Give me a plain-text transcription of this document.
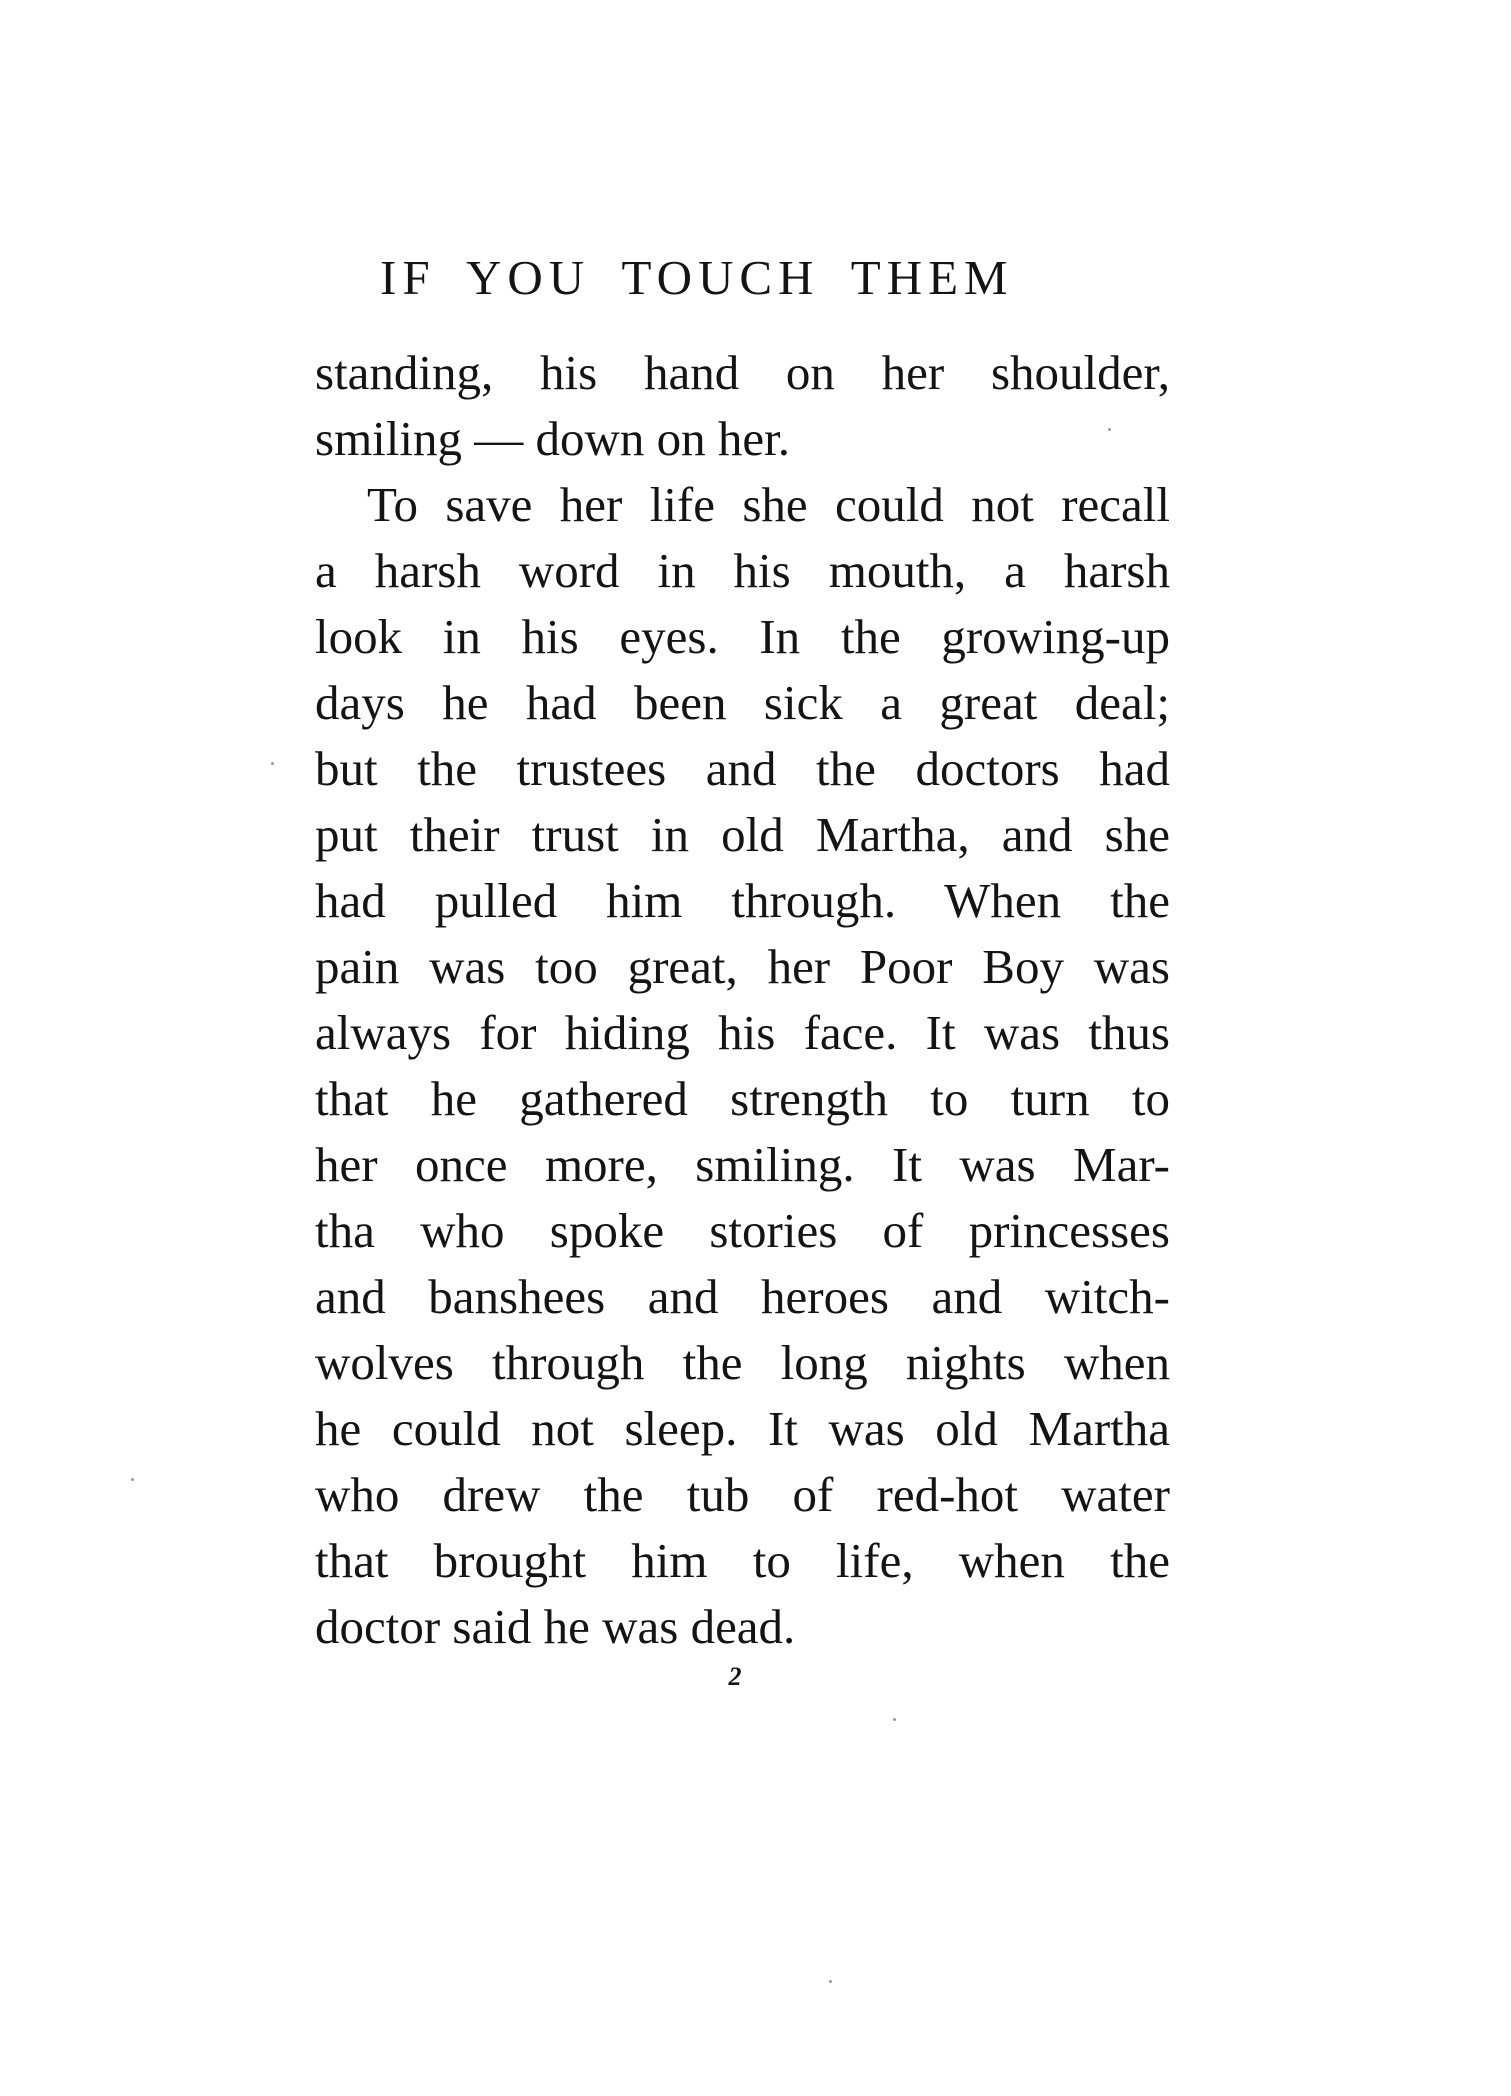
IF YOU TOUCH THEM
standing, his hand on her shoulder,
smiling — down on her.
To save her life she could not recall
a harsh word in his mouth, a harsh
look in his eyes. In the growing-up
days he had been sick a great deal;
but the trustees and the doctors had
put their trust in old Martha, and she
had pulled him through. When the
pain was too great, her Poor Boy was
always for hiding his face. It was thus
that he gathered strength to turn to
her once more, smiling. It was Mar-
tha who spoke stories of princesses
and banshees and heroes and witch-
wolves through the long nights when
he could not sleep. It was old Martha
who drew the tub of red-hot water
that brought him to life, when the
doctor said he was dead.
2
